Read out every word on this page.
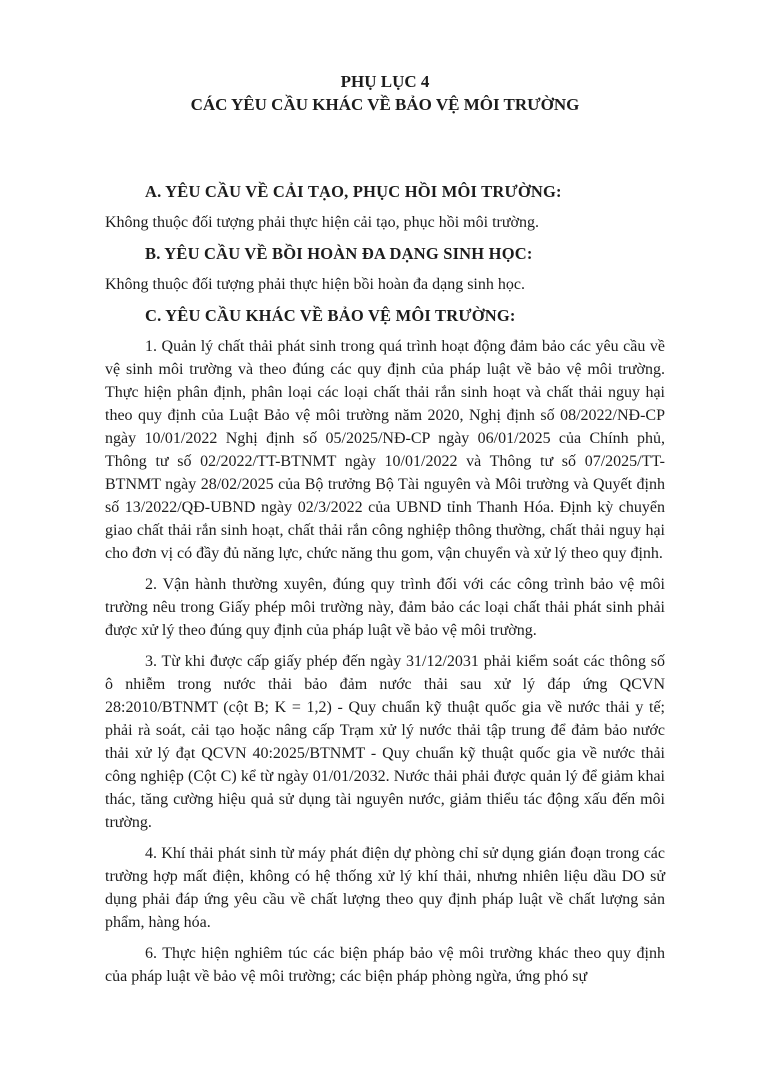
PHỤ LỤC 4
CÁC YÊU CẦU KHÁC VỀ BẢO VỆ MÔI TRƯỜNG
A. YÊU CẦU VỀ CẢI TẠO, PHỤC HỒI MÔI TRƯỜNG:

Không thuộc đối tượng phải thực hiện cải tạo, phục hồi môi trường.

B. YÊU CẦU VỀ BỒI HOÀN ĐA DẠNG SINH HỌC:

Không thuộc đối tượng phải thực hiện bồi hoàn đa dạng sinh học.

C. YÊU CẦU KHÁC VỀ BẢO VỆ MÔI TRƯỜNG:

1. Quản lý chất thải phát sinh trong quá trình hoạt động đảm bảo các yêu cầu về vệ sinh môi trường và theo đúng các quy định của pháp luật về bảo vệ môi trường. Thực hiện phân định, phân loại các loại chất thải rắn sinh hoạt và chất thải nguy hại theo quy định của Luật Bảo vệ môi trường năm 2020, Nghị định số 08/2022/NĐ-CP ngày 10/01/2022 Nghị định số 05/2025/NĐ-CP ngày 06/01/2025 của Chính phủ, Thông tư số 02/2022/TT-BTNMT ngày 10/01/2022 và Thông tư số 07/2025/TT-BTNMT ngày 28/02/2025 của Bộ trưởng Bộ Tài nguyên và Môi trường và Quyết định số 13/2022/QĐ-UBND ngày 02/3/2022 của UBND tỉnh Thanh Hóa. Định kỳ chuyển giao chất thải rắn sinh hoạt, chất thải rắn công nghiệp thông thường, chất thải nguy hại cho đơn vị có đầy đủ năng lực, chức năng thu gom, vận chuyển và xử lý theo quy định.

2. Vận hành thường xuyên, đúng quy trình đối với các công trình bảo vệ môi trường nêu trong Giấy phép môi trường này, đảm bảo các loại chất thải phát sinh phải được xử lý theo đúng quy định của pháp luật về bảo vệ môi trường.

3. Từ khi được cấp giấy phép đến ngày 31/12/2031 phải kiểm soát các thông số ô nhiễm trong nước thải bảo đảm nước thải sau xử lý đáp ứng QCVN 28:2010/BTNMT (cột B; K = 1,2) - Quy chuẩn kỹ thuật quốc gia về nước thải y tế; phải rà soát, cải tạo hoặc nâng cấp Trạm xử lý nước thải tập trung để đảm bảo nước thải xử lý đạt QCVN 40:2025/BTNMT - Quy chuẩn kỹ thuật quốc gia về nước thải công nghiệp (Cột C) kể từ ngày 01/01/2032. Nước thải phải được quản lý để giảm khai thác, tăng cường hiệu quả sử dụng tài nguyên nước, giảm thiểu tác động xấu đến môi trường.

4. Khí thải phát sinh từ máy phát điện dự phòng chỉ sử dụng gián đoạn trong các trường hợp mất điện, không có hệ thống xử lý khí thải, nhưng nhiên liệu dầu DO sử dụng phải đáp ứng yêu cầu về chất lượng theo quy định pháp luật về chất lượng sản phẩm, hàng hóa.

6. Thực hiện nghiêm túc các biện pháp bảo vệ môi trường khác theo quy định của pháp luật về bảo vệ môi trường; các biện pháp phòng ngừa, ứng phó sự
